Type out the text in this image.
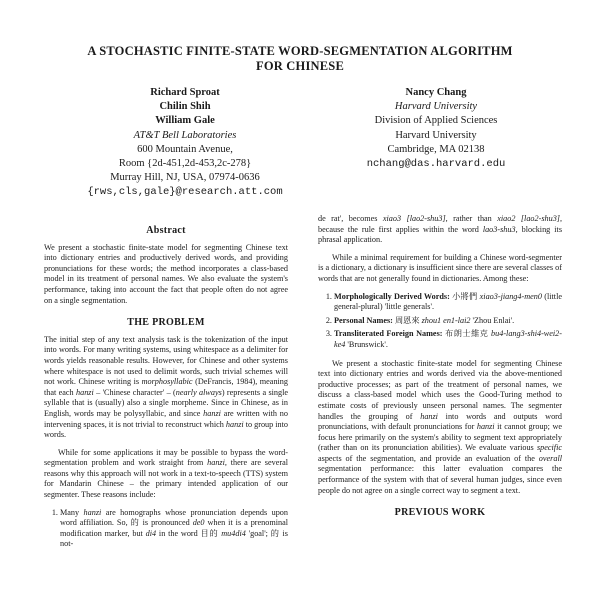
A STOCHASTIC FINITE-STATE WORD-SEGMENTATION ALGORITHM
FOR CHINESE
Richard Sproat
Chilin Shih
William Gale
AT&T Bell Laboratories
600 Mountain Avenue,
Room {2d-451,2d-453,2c-278}
Murray Hill, NJ, USA, 07974-0636
{rws,cls,gale}@research.att.com
Nancy Chang
Harvard University
Division of Applied Sciences
Harvard University
Cambridge, MA 02138
nchang@das.harvard.edu
Abstract

We present a stochastic finite-state model for segmenting Chinese text into dictionary entries and productively derived words, and providing pronunciations for these words; the method incorporates a class-based model in its treatment of personal names. We also evaluate the system's performance, taking into account the fact that people often do not agree on a single segmentation.

THE PROBLEM

The initial step of any text analysis task is the tokenization of the input into words. For many writing systems, using whitespace as a delimiter for words yields reasonable results. However, for Chinese and other systems where whitespace is not used to delimit words, such trivial schemes will not work. Chinese writing is morphosyllabic (DeFrancis, 1984), meaning that each hanzi – 'Chinese character' – (nearly always) represents a single syllable that is (usually) also a single morpheme. Since in Chinese, as in English, words may be polysyllabic, and since hanzi are written with no intervening spaces, it is not trivial to reconstruct which hanzi to group into words.

While for some applications it may be possible to bypass the word-segmentation problem and work straight from hanzi, there are several reasons why this approach will not work in a text-to-speech (TTS) system for Mandarin Chinese – the primary intended application of our segmenter. These reasons include:

1. Many hanzi are homographs whose pronunciation depends upon word affiliation. So, 的 is pronounced de0 when it is a prenominal modification marker, but di4 in the word 目的 mu4di4 'goal'; 的 is not-

de rat', becomes xiao3 [lao2-shu3], rather than xiao2 [lao2-shu3], because the rule first applies within the word lao3-shu3, blocking its phrasal application.

While a minimal requirement for building a Chinese word-segmenter is a dictionary, a dictionary is insufficient since there are several classes of words that are not generally found in dictionaries. Among these:

1. Morphologically Derived Words: 小將們 xiao3-jiang4-men0 (little general-plural) 'little generals'.
2. Personal Names: 周恩來 zhou1 en1-lai2 'Zhou Enlai'.
3. Transliterated Foreign Names: 布朗士維克 bu4-lang3-shi4-wei2-ke4 'Brunswick'.

We present a stochastic finite-state model for segmenting Chinese text into dictionary entries and words derived via the above-mentioned productive processes; as part of the treatment of personal names, we discuss a class-based model which uses the Good-Turing method to estimate costs of previously unseen personal names. The segmenter handles the grouping of hanzi into words and outputs word pronunciations, with default pronunciations for hanzi it cannot group; we focus here primarily on the system's ability to segment text appropriately (rather than on its pronunciation abilities). We evaluate various specific aspects of the segmentation, and provide an evaluation of the overall segmentation performance: this latter evaluation compares the performance of the system with that of several human judges, since even people do not agree on a single correct way to segment a text.

PREVIOUS WORK
